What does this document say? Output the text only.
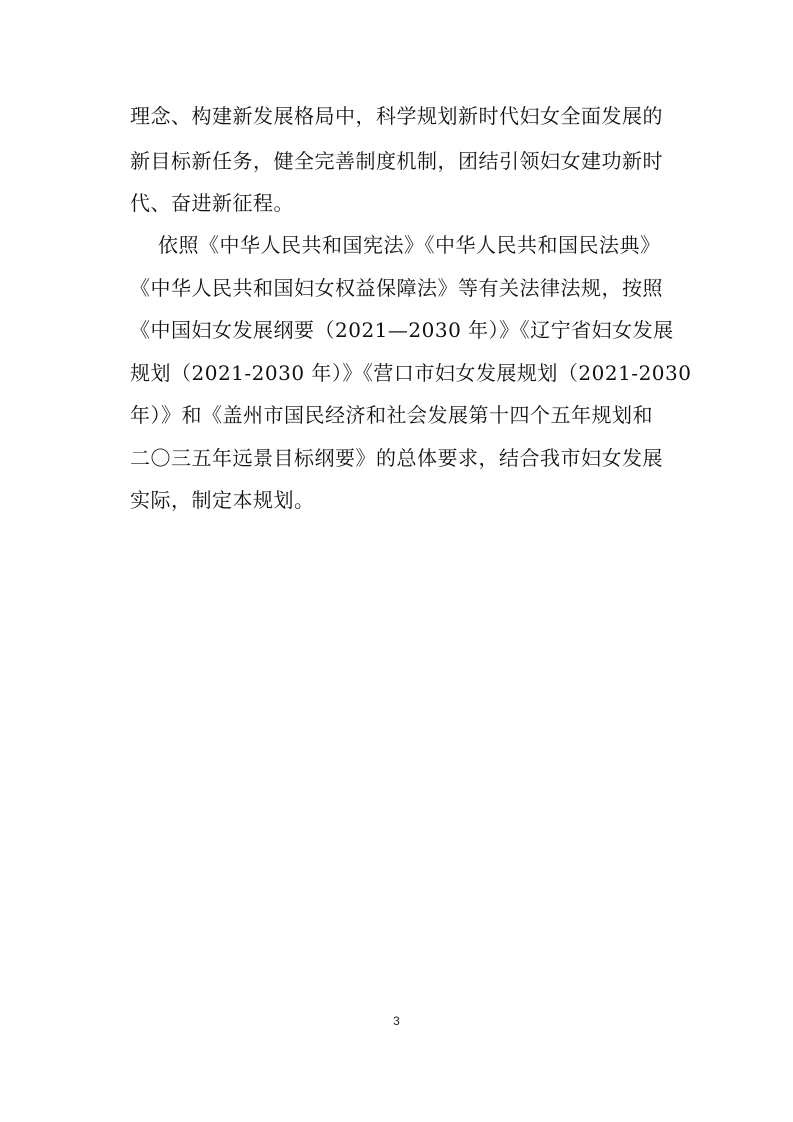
理念、构建新发展格局中，科学规划新时代妇女全面发展的
新目标新任务，健全完善制度机制，团结引领妇女建功新时
代、奋进新征程。
依照《中华人民共和国宪法》《中华人民共和国民法典》
《中华人民共和国妇女权益保障法》等有关法律法规，按照
《中国妇女发展纲要（2021—2030 年）》《辽宁省妇女发展
规划（2021-2030 年）》《营口市妇女发展规划（2021-2030
年）》和《盖州市国民经济和社会发展第十四个五年规划和
二〇三五年远景目标纲要》的总体要求，结合我市妇女发展
实际，制定本规划。
3
